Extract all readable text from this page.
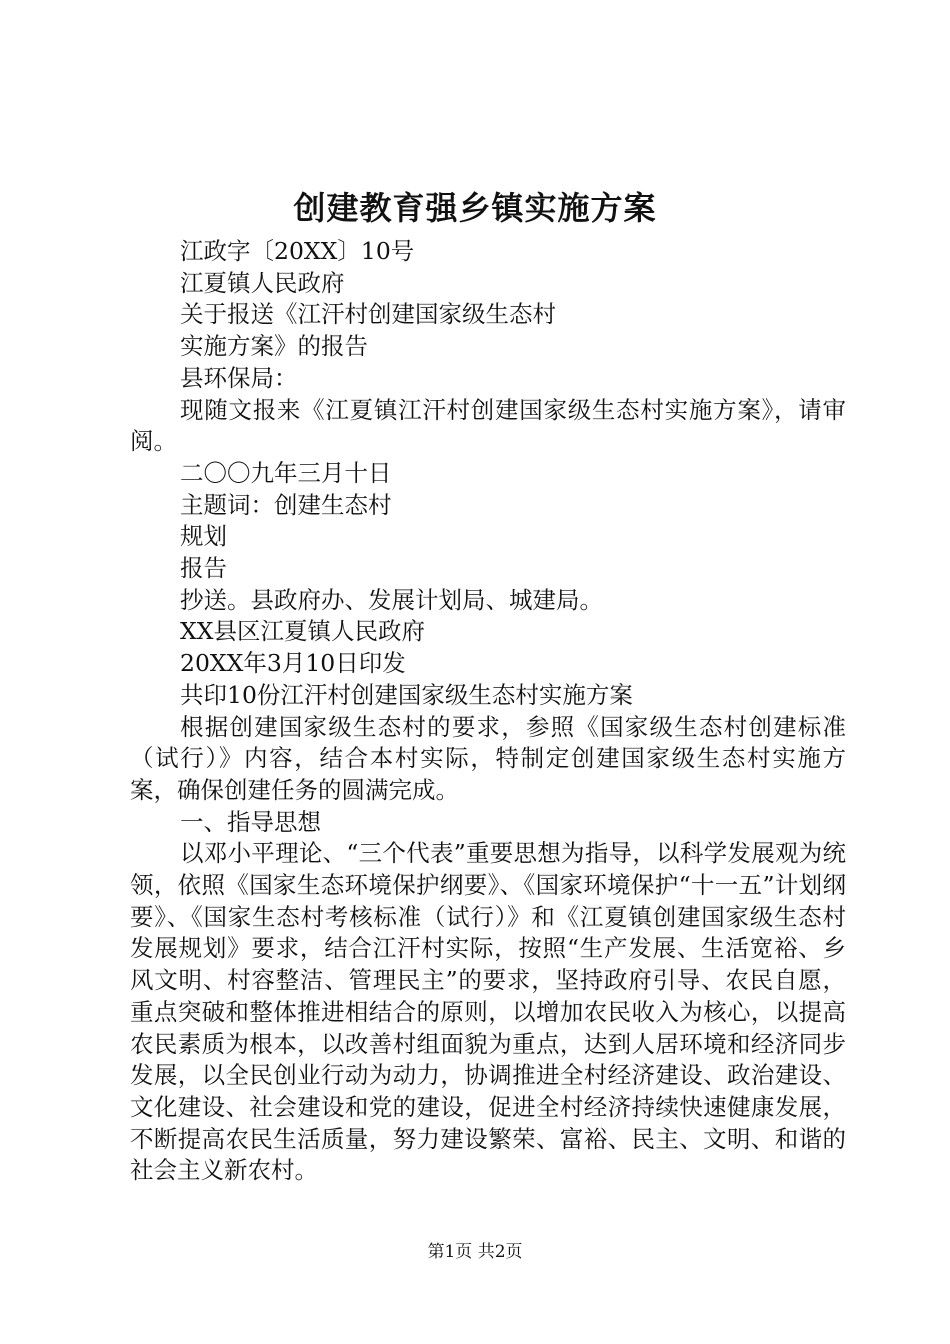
创建教育强乡镇实施方案

江政字〔20XX〕10号

江夏镇人民政府

关于报送《江汗村创建国家级生态村

实施方案》的报告

县环保局：

现随文报来《江夏镇江汗村创建国家级生态村实施方案》，请审阅。

二〇〇九年三月十日

主题词：创建生态村

规划

报告

抄送。县政府办、发展计划局、城建局。

XX县区江夏镇人民政府

20XX年3月10日印发

共印10份江汗村创建国家级生态村实施方案

根据创建国家级生态村的要求，参照《国家级生态村创建标准（试行）》内容，结合本村实际，特制定创建国家级生态村实施方案，确保创建任务的圆满完成。

一、指导思想

以邓小平理论、“三个代表”重要思想为指导，以科学发展观为统领，依照《国家生态环境保护纲要》、《国家环境保护“十一五”计划纲要》、《国家生态村考核标准（试行）》和《江夏镇创建国家级生态村发展规划》要求，结合江汗村实际，按照“生产发展、生活宽裕、乡风文明、村容整洁、管理民主”的要求，坚持政府引导、农民自愿，重点突破和整体推进相结合的原则，以增加农民收入为核心，以提高农民素质为根本，以改善村组面貌为重点，达到人居环境和经济同步发展，以全民创业行动为动力，协调推进全村经济建设、政治建设、文化建设、社会建设和党的建设，促进全村经济持续快速健康发展，不断提高农民生活质量，努力建设繁荣、富裕、民主、文明、和谐的社会主义新农村。

第1页 共2页
